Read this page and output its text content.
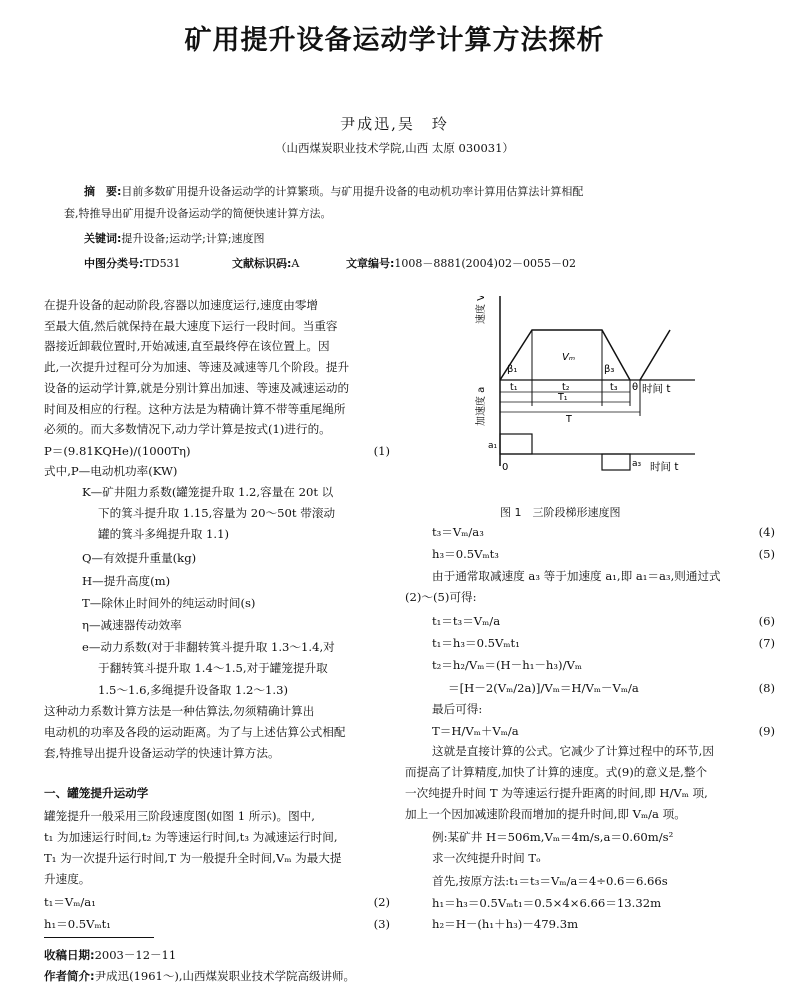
矿用提升设备运动学计算方法探析
尹成迅,吴　玲
（山西煤炭职业技术学院,山西 太原 030031）
摘　要:目前多数矿用提升设备运动学的计算繁琐。与矿用提升设备的电动机功率计算用估算法计算相配
套,特推导出矿用提升设备运动学的简便快速计算方法。
关键词:提升设备;运动学;计算;速度图
中图分类号:TD531	文献标识码:A	文章编号:1008－8881(2004)02－0055－02
在提升设备的起动阶段,容器以加速度运行,速度由零增
至最大值,然后就保持在最大速度下运行一段时间。当重容
器接近卸载位置时,开始减速,直至最终停在该位置上。因
此,一次提升过程可分为加速、等速及减速等几个阶段。提升
设备的运动学计算,就是分别计算出加速、等速及减速运动的
时间及相应的行程。这种方法是为精确计算不带等重尾绳所
必须的。而大多数情况下,动力学计算是按式(1)进行的。
P＝(9.81KQHe)/(1000Tη)	(1)
式中,P—电动机功率(KW)
K—矿井阻力系数(罐笼提升取 1.2,容量在 20t 以
下的箕斗提升取 1.15,容量为 20～50t 带滚动
罐的箕斗多绳提升取 1.1)
Q—有效提升重量(kg)
H—提升高度(m)
T—除休止时间外的纯运动时间(s)
η—减速器传动效率
e—动力系数(对于非翻转箕斗提升取 1.3～1.4,对
于翻转箕斗提升取 1.4～1.5,对于罐笼提升取
1.5～1.6,多绳提升设备取 1.2～1.3)
这种动力系数计算方法是一种估算法,勿须精确计算出
电动机的功率及各段的运动距离。为了与上述估算公式相配
套,特推导出提升设备运动学的快速计算方法。
一、罐笼提升运动学
罐笼提升一般采用三阶段速度图(如图 1 所示)。图中,
t₁ 为加速运行时间,t₂ 为等速运行时间,t₃ 为减速运行时间,
T₁ 为一次提升运行时间,T 为一般提升全时间,Vₘ 为最大提
升速度。
t₁＝Vₘ/a₁	(2)
h₁＝0.5Vₘt₁	(3)
收稿日期:2003－12－11
作者简介:尹成迅(1961～),山西煤炭职业技术学院高级讲师。
速度 V
加速度 a	时间 t
时间 t
0
Vₘ
β₁	β₃
t₁	t₂	t₃
T₁
T
θ
a₁
a₃
图 1　三阶段梯形速度图
t₃＝Vₘ/a₃	(4)
h₃＝0.5Vₘt₃	(5)
由于通常取减速度 a₃ 等于加速度 a₁,即 a₁＝a₃,则通过式
(2)～(5)可得:
t₁＝t₃＝Vₘ/a	(6)
t₁＝h₃＝0.5Vₘt₁	(7)
t₂＝h₂/Vₘ＝(H－h₁－h₃)/Vₘ
＝[H－2(Vₘ/2a)]/Vₘ＝H/Vₘ－Vₘ/a	(8)
最后可得:
T＝H/Vₘ＋Vₘ/a	(9)
这就是直接计算的公式。它减少了计算过程中的环节,因
而提高了计算精度,加快了计算的速度。式(9)的意义是,整个
一次纯提升时间 T 为等速运行提升距离的时间,即 H/Vₘ 项,
加上一个因加减速阶段而增加的提升时间,即 Vₘ/a 项。
例:某矿井 H＝506m,Vₘ＝4m/s,a＝0.60m/s²
求一次纯提升时间 Tₒ
首先,按原方法:t₁＝t₃＝Vₘ/a＝4÷0.6＝6.66s
h₁＝h₃＝0.5Vₘt₁＝0.5×4×6.66＝13.32m
h₂＝H－(h₁＋h₃)－479.3m
